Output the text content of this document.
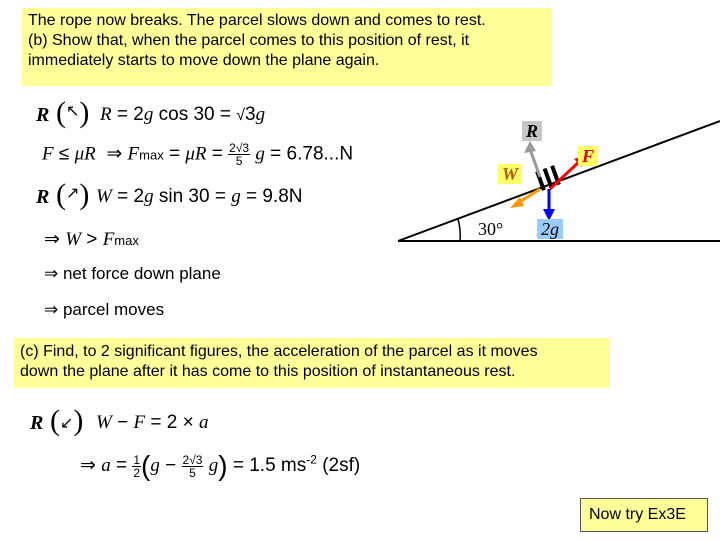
The rope now breaks. The parcel slows down and comes to rest.
(b) Show that, when the parcel comes to this position of rest, it
immediately starts to move down the plane again.
R (↖) R = 2g cos 30 = √3g
F ≤ μR  ⇒ $Fmax = \mu R = \frac{2√3}{5}$ g = 6.78...N
R (↗) W = 2g sin 30 = g = 9.8N
⇒ W > Fmax
⇒ net force down plane
⇒ parcel moves
R
F
W
30° 2g
(c) Find, to 2 significant figures, the acceleration of the parcel as it moves
down the plane after it has come to this position of instantaneous rest.
R (↙) W − F = 2 × a
⇒ $a = \frac{1}{2} (g - \frac{2√3}{5} g) = 1.5$ $ms^{-2}$ (2sf)
Now try Ex3E
